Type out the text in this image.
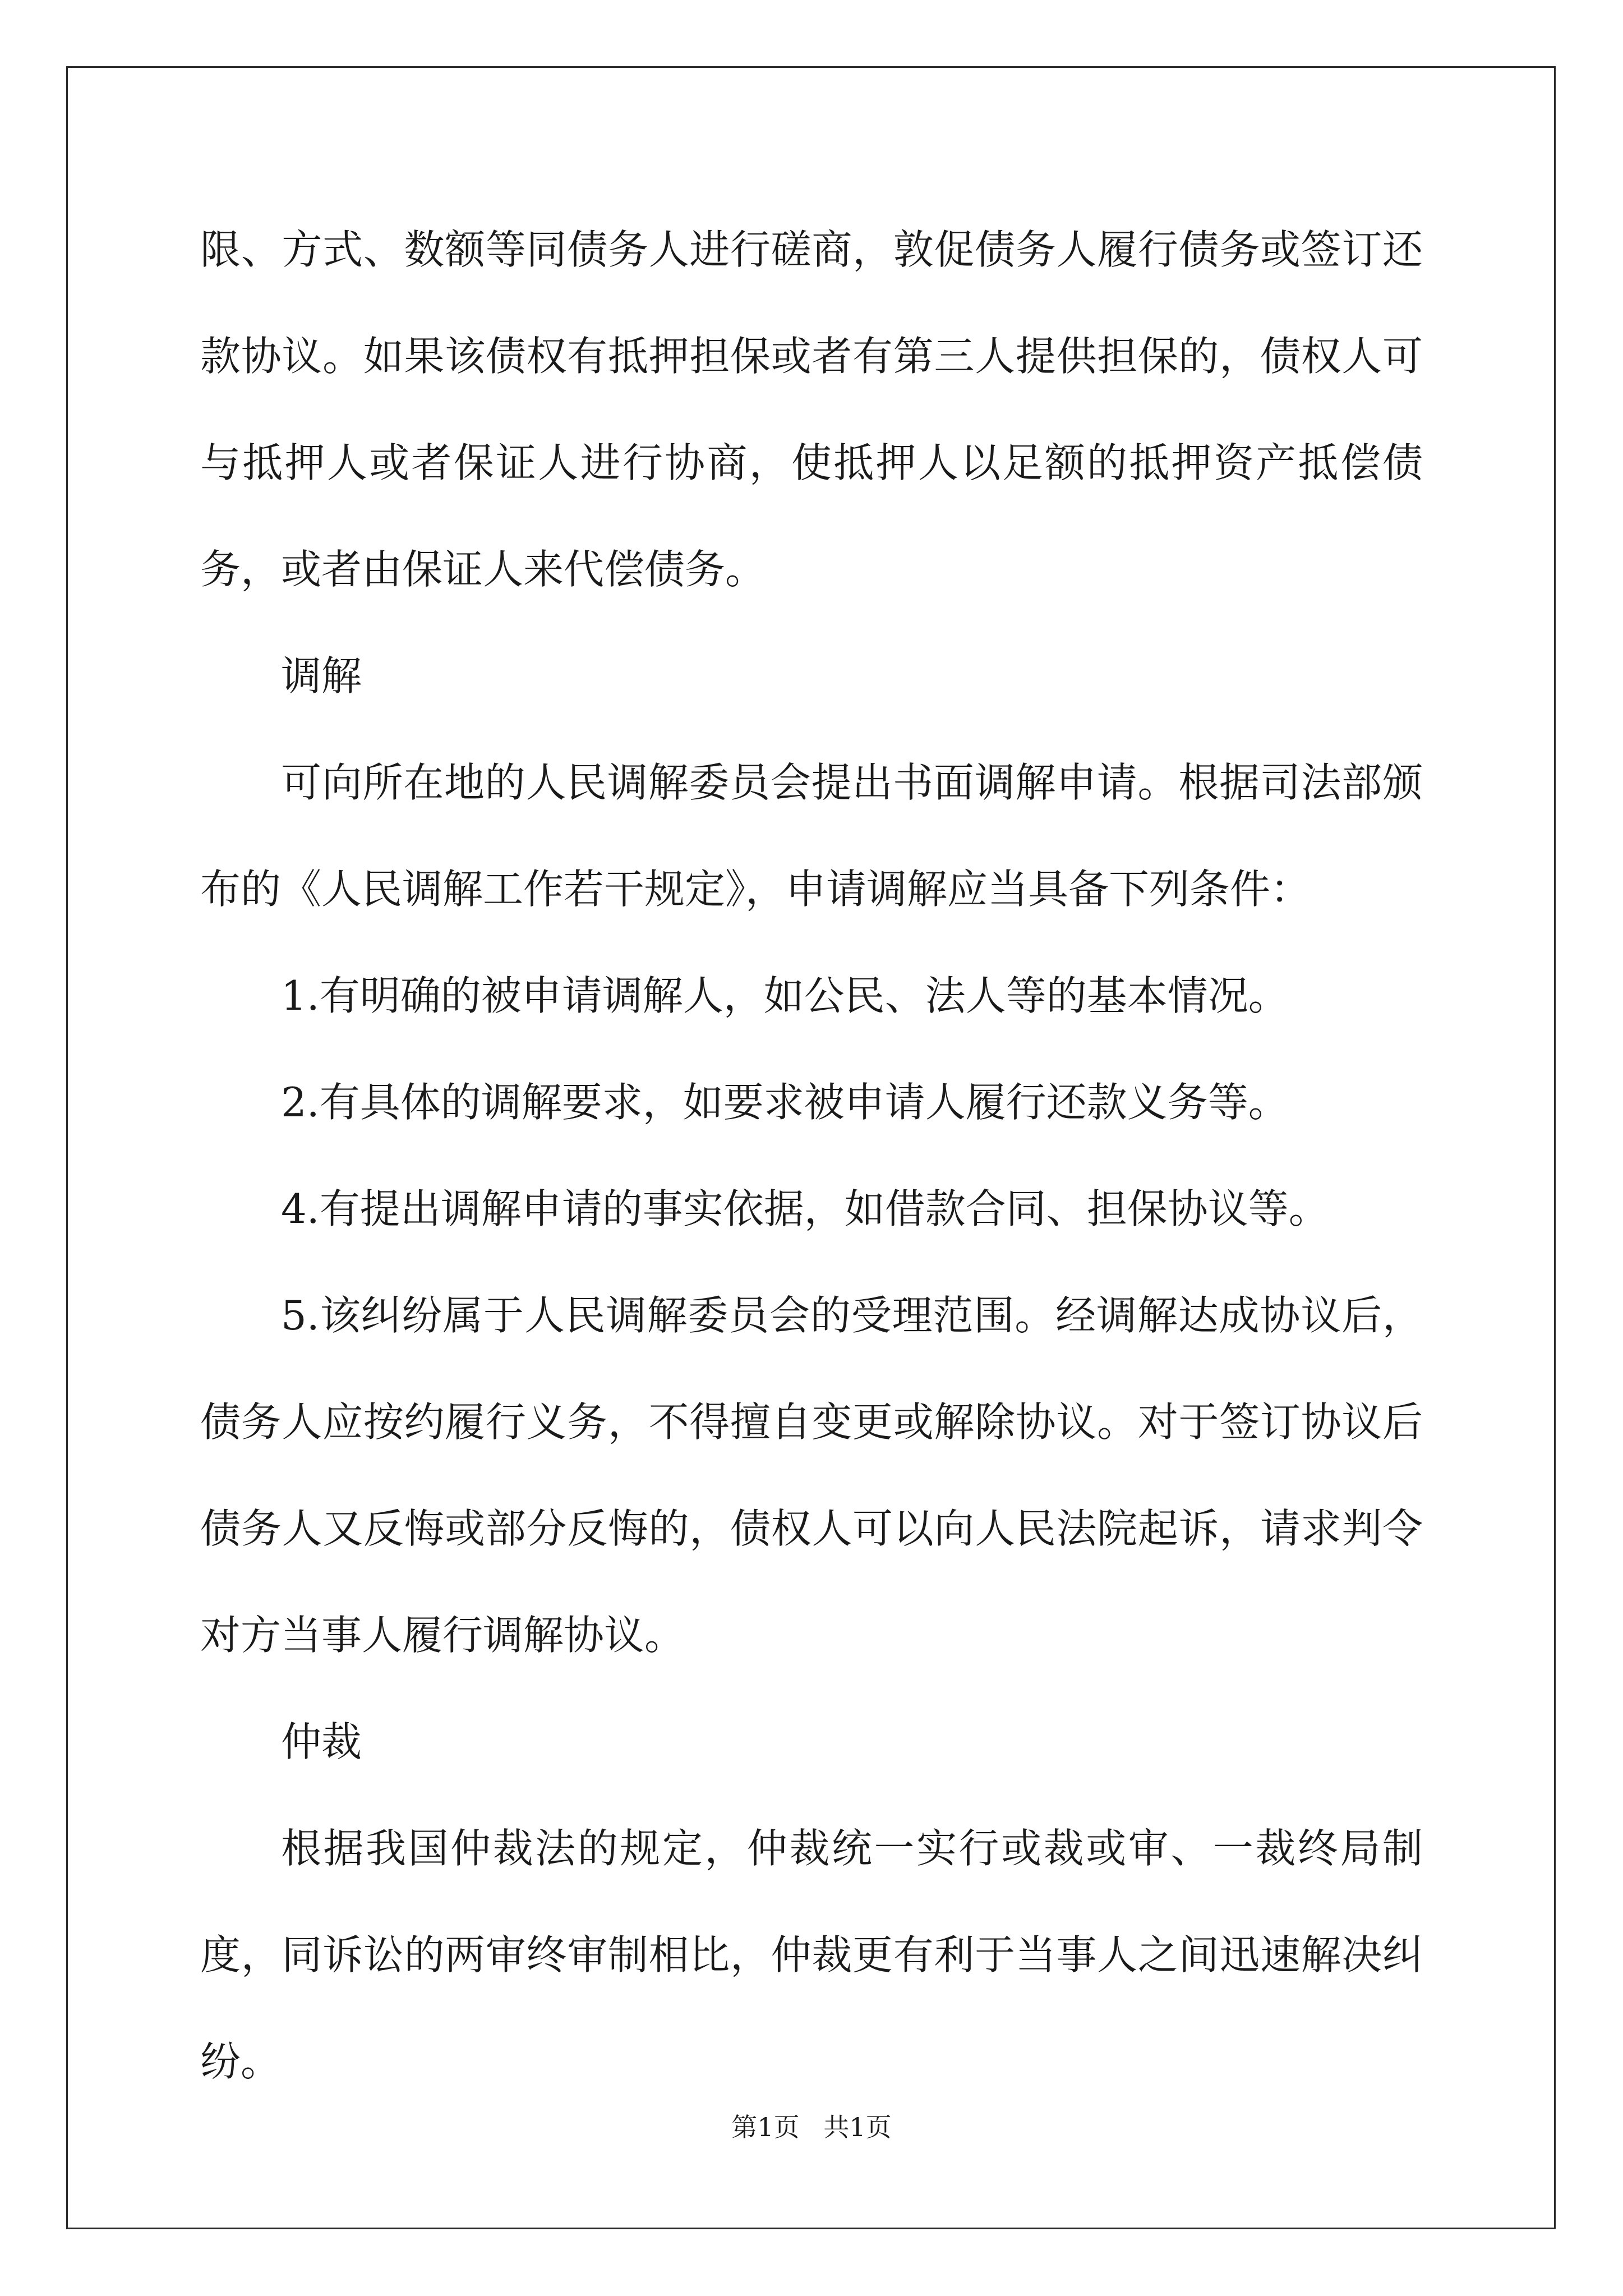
限、方式、数额等同债务人进行磋商，敦促债务人履行债务或签订还款协议。如果该债权有抵押担保或者有第三人提供担保的，债权人可与抵押人或者保证人进行协商，使抵押人以足额的抵押资产抵偿债务，或者由保证人来代偿债务。

调解

可向所在地的人民调解委员会提出书面调解申请。根据司法部颁布的《人民调解工作若干规定》，申请调解应当具备下列条件：

1.有明确的被申请调解人，如公民、法人等的基本情况。

2.有具体的调解要求，如要求被申请人履行还款义务等。

4.有提出调解申请的事实依据，如借款合同、担保协议等。

5.该纠纷属于人民调解委员会的受理范围。经调解达成协议后，债务人应按约履行义务，不得擅自变更或解除协议。对于签订协议后债务人又反悔或部分反悔的，债权人可以向人民法院起诉，请求判令对方当事人履行调解协议。

仲裁

根据我国仲裁法的规定，仲裁统一实行或裁或审、一裁终局制度，同诉讼的两审终审制相比，仲裁更有利于当事人之间迅速解决纠纷。

第1页 共1页
